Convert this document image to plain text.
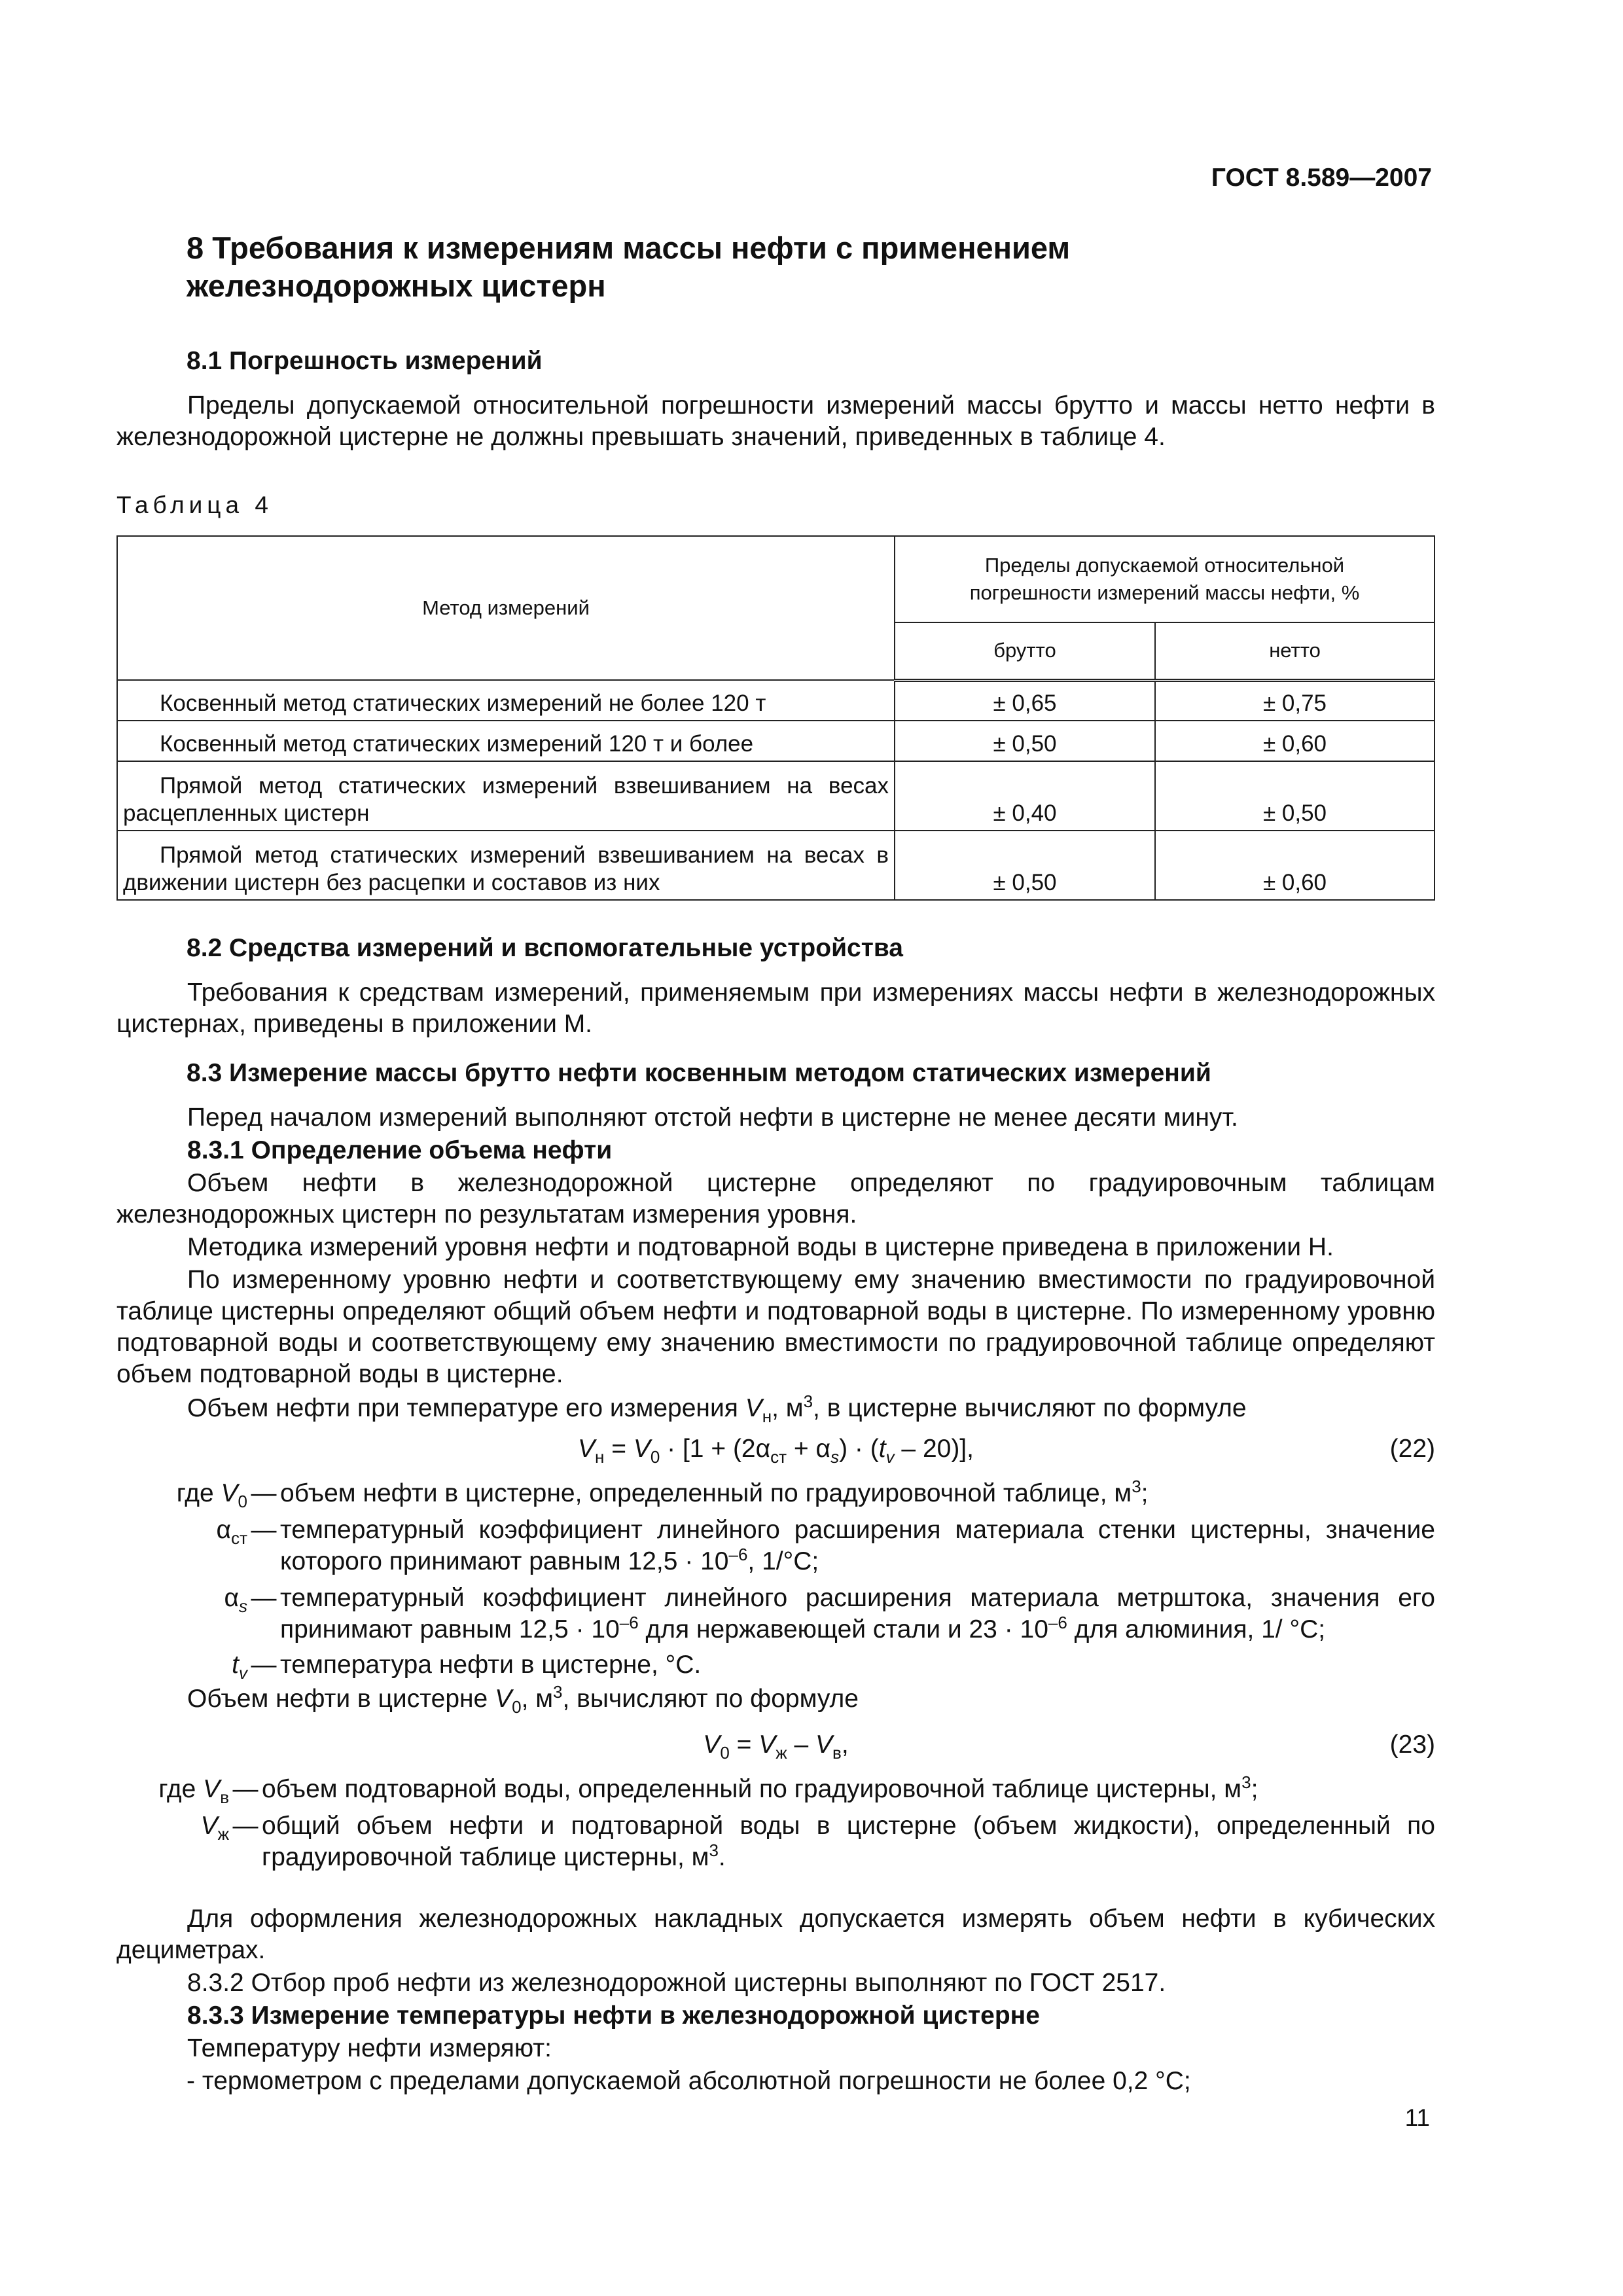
ГОСТ 8.589—2007
8 Требования к измерениям массы нефти с применением
железнодорожных цистерн
8.1 Погрешность измерений
Пределы допускаемой относительной погрешности измерений массы брутто и массы нетто нефти в железнодорожной цистерне не должны превышать значений, приведенных в таблице 4.
Таблица 4
Метод измерений	Пределы допускаемой относительной погрешности измерений массы нефти, %	
	брутто	нетто
Косвенный метод статических измерений не более 120 т	± 0,65	± 0,75
Косвенный метод статических измерений 120 т и более	± 0,50	± 0,60
Прямой метод статических измерений взвешиванием на весах расцепленных цистерн	± 0,40	± 0,50
Прямой метод статических измерений взвешиванием на весах в движении цистерн без расцепки и составов из них	± 0,50	± 0,60
8.2 Средства измерений и вспомогательные устройства
Требования к средствам измерений, применяемым при измерениях массы нефти в железнодорожных цистернах, приведены в приложении М.
8.3 Измерение массы брутто нефти косвенным методом статических измерений
Перед началом измерений выполняют отстой нефти в цистерне не менее десяти минут.
8.3.1 Определение объема нефти
Объем нефти в железнодорожной цистерне определяют по градуировочным таблицам железнодорожных цистерн по результатам измерения уровня.
Методика измерений уровня нефти и подтоварной воды в цистерне приведена в приложении Н.
По измеренному уровню нефти и соответствующему ему значению вместимости по градуировочной таблице цистерны определяют общий объем нефти и подтоварной воды в цистерне. По измеренному уровню подтоварной воды и соответствующему ему значению вместимости по градуировочной таблице определяют объем подтоварной воды в цистерне.
Объем нефти при температуре его измерения $V_н$, $м^3$, в цистерне вычисляют по формуле
$V_н = V_0 \cdot [1 + (2\alpha_{ст} + \alpha_s) \cdot (t_v - 20)]$,	(22)
где $V_0$ — объем нефти в цистерне, определенный по градуировочной таблице, $м^3$;
$\alpha_{ст}$ — температурный коэффициент линейного расширения материала стенки цистерны, значение которого принимают равным $12,5 \cdot 10^{-6}$, 1/°С;
$\alpha_s$ — температурный коэффициент линейного расширения материала метрштока, значения его принимают равным $12,5 \cdot 10^{-6}$ для нержавеющей стали и $23 \cdot 10^{-6}$ для алюминия, 1/ °С;
$t_v$ — температура нефти в цистерне, °С.
Объем нефти в цистерне $V_0$, $м^3$, вычисляют по формуле
$V_0 = V_ж - V_в$,	(23)
где $V_в$ — объем подтоварной воды, определенный по градуировочной таблице цистерны, $м^3$;
$V_ж$ — общий объем нефти и подтоварной воды в цистерне (объем жидкости), определенный по градуировочной таблице цистерны, $м^3$.
Для оформления железнодорожных накладных допускается измерять объем нефти в кубических дециметрах.
8.3.2 Отбор проб нефти из железнодорожной цистерны выполняют по ГОСТ 2517.
8.3.3 Измерение температуры нефти в железнодорожной цистерне
Температуру нефти измеряют:
- термометром с пределами допускаемой абсолютной погрешности не более 0,2 °С;
11
